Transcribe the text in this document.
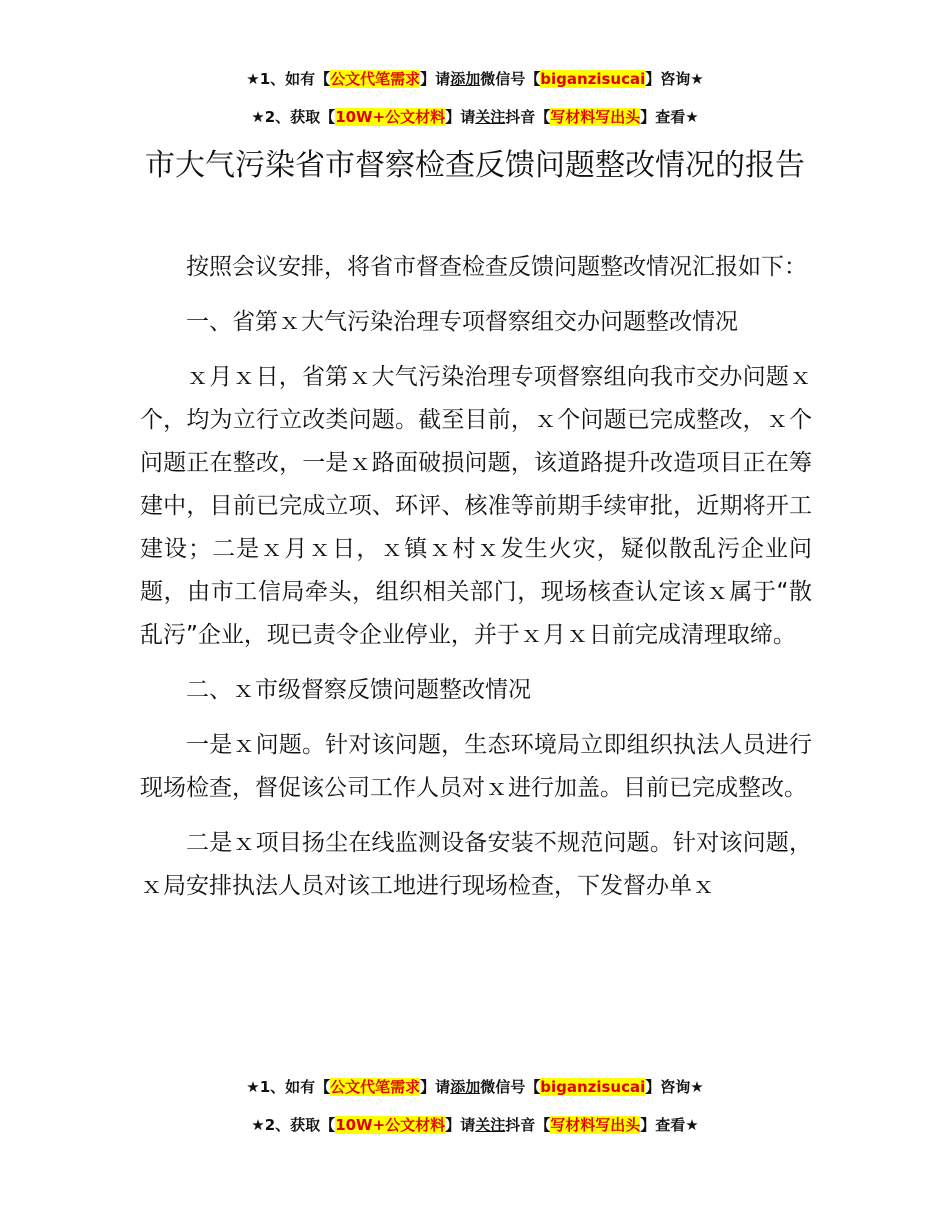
★1、如有【公文代笔需求】请添加微信号【biganzisucai】咨询★
★2、获取【10W+公文材料】请关注抖音【写材料写出头】查看★
市大气污染省市督察检查反馈问题整改情况的报告

按照会议安排，将省市督查检查反馈问题整改情况汇报如下：

一、省第ｘ大气污染治理专项督察组交办问题整改情况

ｘ月ｘ日，省第ｘ大气污染治理专项督察组向我市交办问题ｘ个，均为立行立改类问题。截至目前，ｘ个问题已完成整改，ｘ个问题正在整改，一是ｘ路面破损问题，该道路提升改造项目正在筹建中，目前已完成立项、环评、核准等前期手续审批，近期将开工建设；二是ｘ月ｘ日，ｘ镇ｘ村ｘ发生火灾，疑似散乱污企业问题，由市工信局牵头，组织相关部门，现场核查认定该ｘ属于“散乱污”企业，现已责令企业停业，并于ｘ月ｘ日前完成清理取缔。

二、ｘ市级督察反馈问题整改情况

一是ｘ问题。针对该问题，生态环境局立即组织执法人员进行现场检查，督促该公司工作人员对ｘ进行加盖。目前已完成整改。

二是ｘ项目扬尘在线监测设备安装不规范问题。针对该问题，ｘ局安排执法人员对该工地进行现场检查，下发督办单ｘ

★1、如有【公文代笔需求】请添加微信号【biganzisucai】咨询★
★2、获取【10W+公文材料】请关注抖音【写材料写出头】查看★
